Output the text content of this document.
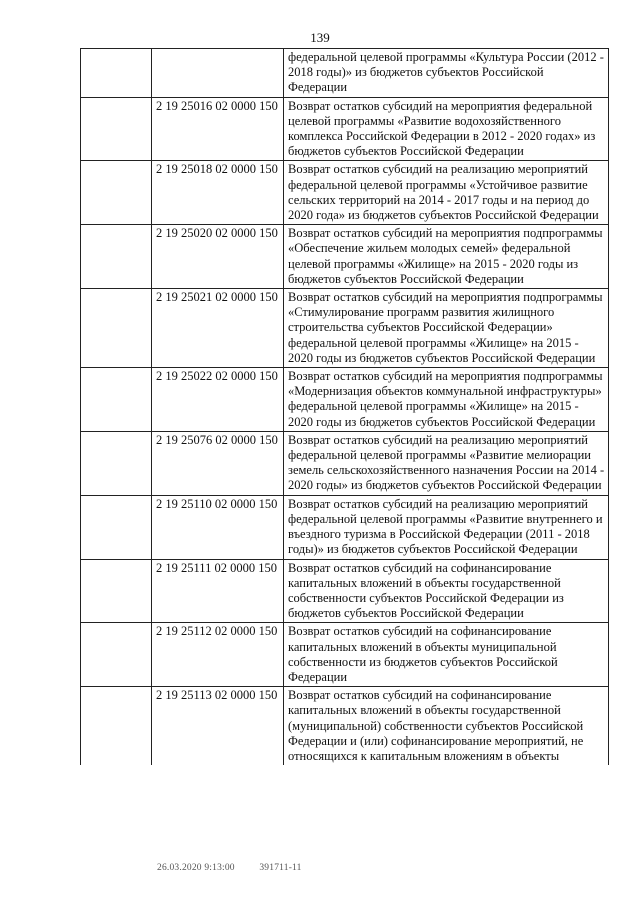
139
		федеральной целевой программы «Культура России (2012 - 2018 годы)» из бюджетов субъектов Российской Федерации
	2 19 25016 02 0000 150	Возврат остатков субсидий на мероприятия федеральной целевой программы «Развитие водохозяйственного комплекса Российской Федерации в 2012 - 2020 годах» из бюджетов субъектов Российской Федерации
	2 19 25018 02 0000 150	Возврат остатков субсидий на реализацию мероприятий федеральной целевой программы «Устойчивое развитие сельских территорий на 2014 - 2017 годы и на период до 2020 года» из бюджетов субъектов Российской Федерации
	2 19 25020 02 0000 150	Возврат остатков субсидий на мероприятия подпрограммы «Обеспечение жильем молодых семей» федеральной целевой программы «Жилище» на 2015 - 2020 годы из бюджетов субъектов Российской Федерации
	2 19 25021 02 0000 150	Возврат остатков субсидий на мероприятия подпрограммы «Стимулирование программ развития жилищного строительства субъектов Российской Федерации» федеральной целевой программы «Жилище» на 2015 - 2020 годы из бюджетов субъектов Российской Федерации
	2 19 25022 02 0000 150	Возврат остатков субсидий на мероприятия подпрограммы «Модернизация объектов коммунальной инфраструктуры» федеральной целевой программы «Жилище» на 2015 - 2020 годы из бюджетов субъектов Российской Федерации
	2 19 25076 02 0000 150	Возврат остатков субсидий на реализацию мероприятий федеральной целевой программы «Развитие мелиорации земель сельскохозяйственного назначения России на 2014 - 2020 годы» из бюджетов субъектов Российской Федерации
	2 19 25110 02 0000 150	Возврат остатков субсидий на реализацию мероприятий федеральной целевой программы «Развитие внутреннего и въездного туризма в Российской Федерации (2011 - 2018 годы)» из бюджетов субъектов Российской Федерации
	2 19 25111 02 0000 150	Возврат остатков субсидий на софинансирование капитальных вложений в объекты государственной собственности субъектов Российской Федерации из бюджетов субъектов Российской Федерации
	2 19 25112 02 0000 150	Возврат остатков субсидий на софинансирование капитальных вложений в объекты муниципальной собственности из бюджетов субъектов Российской Федерации
	2 19 25113 02 0000 150	Возврат остатков субсидий на софинансирование капитальных вложений в объекты государственной (муниципальной) собственности субъектов Российской Федерации и (или) софинансирование мероприятий, не относящихся к капитальным вложениям в объекты
26.03.2020 9:13:00	391711-11
